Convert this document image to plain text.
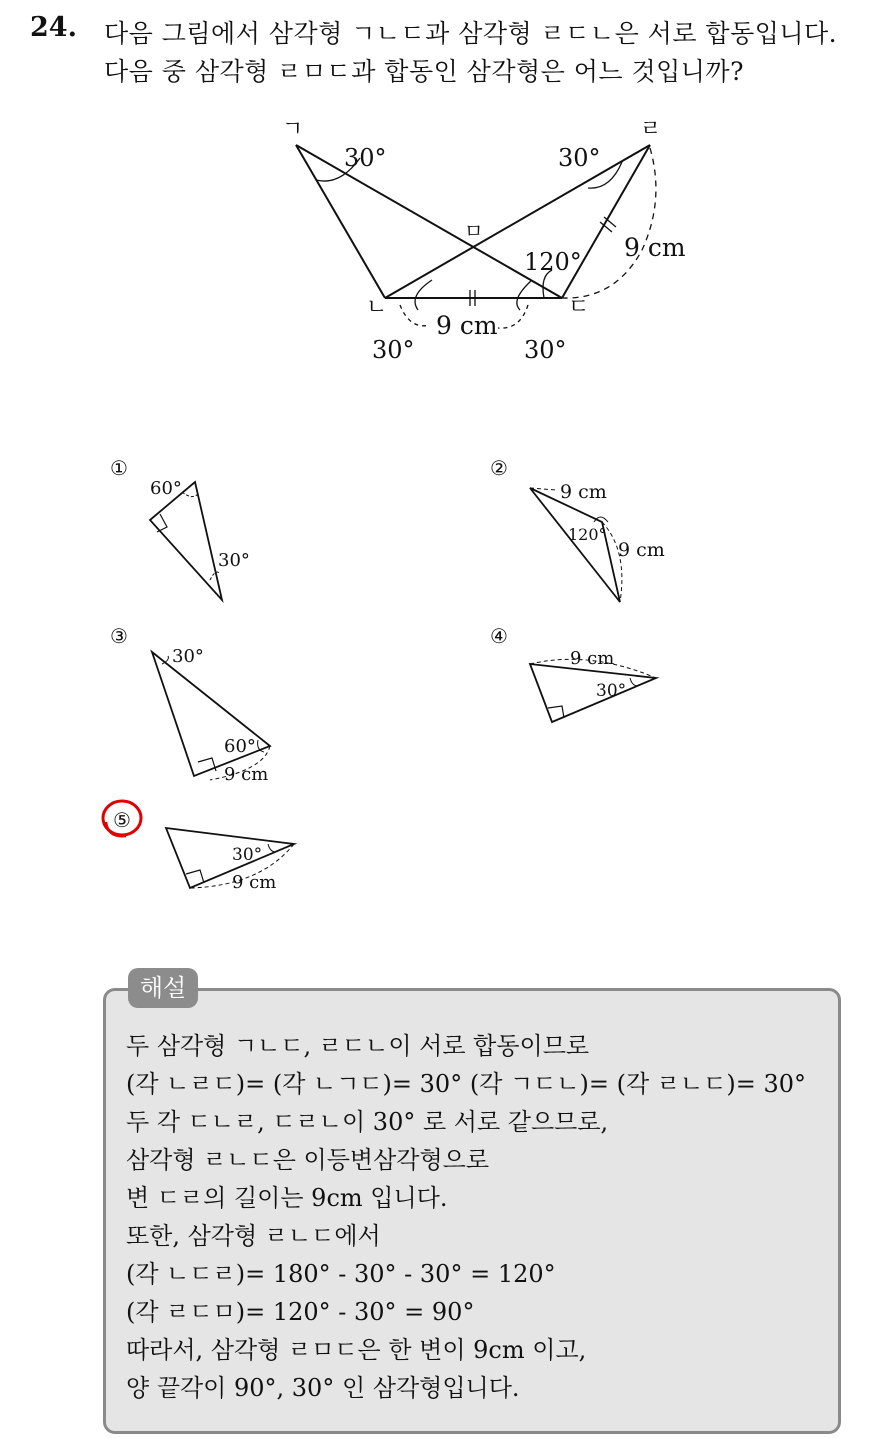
24. 다음 그림에서 삼각형 ㄱㄴㄷ과 삼각형 ㄹㄷㄴ은 서로 합동입니다.
다음 중 삼각형 ㄹㅁㄷ과 합동인 삼각형은 어느 것입니까?
ㄱ	ㄹ
ㅁ
ㄴ	ㄷ
30°	30°
120°
30°	30°
9 cm
9 cm
①
60°
30°
②
9 cm
120°
9 cm
③
30°
60°
9 cm
④
9 cm
30°
⑤
30°
9 cm
해설
두 삼각형 ㄱㄴㄷ, ㄹㄷㄴ이 서로 합동이므로
(각 ㄴㄹㄷ)= (각 ㄴㄱㄷ)= 30° (각 ㄱㄷㄴ)= (각 ㄹㄴㄷ)= 30°
두 각 ㄷㄴㄹ, ㄷㄹㄴ이 30° 로 서로 같으므로,
삼각형 ㄹㄴㄷ은 이등변삼각형으로
변 ㄷㄹ의 길이는 9cm 입니다.
또한, 삼각형 ㄹㄴㄷ에서
(각 ㄴㄷㄹ)= 180° - 30° - 30° = 120°
(각 ㄹㄷㅁ)= 120° - 30° = 90°
따라서, 삼각형 ㄹㅁㄷ은 한 변이 9cm 이고,
양 끝각이 90°, 30° 인 삼각형입니다.
